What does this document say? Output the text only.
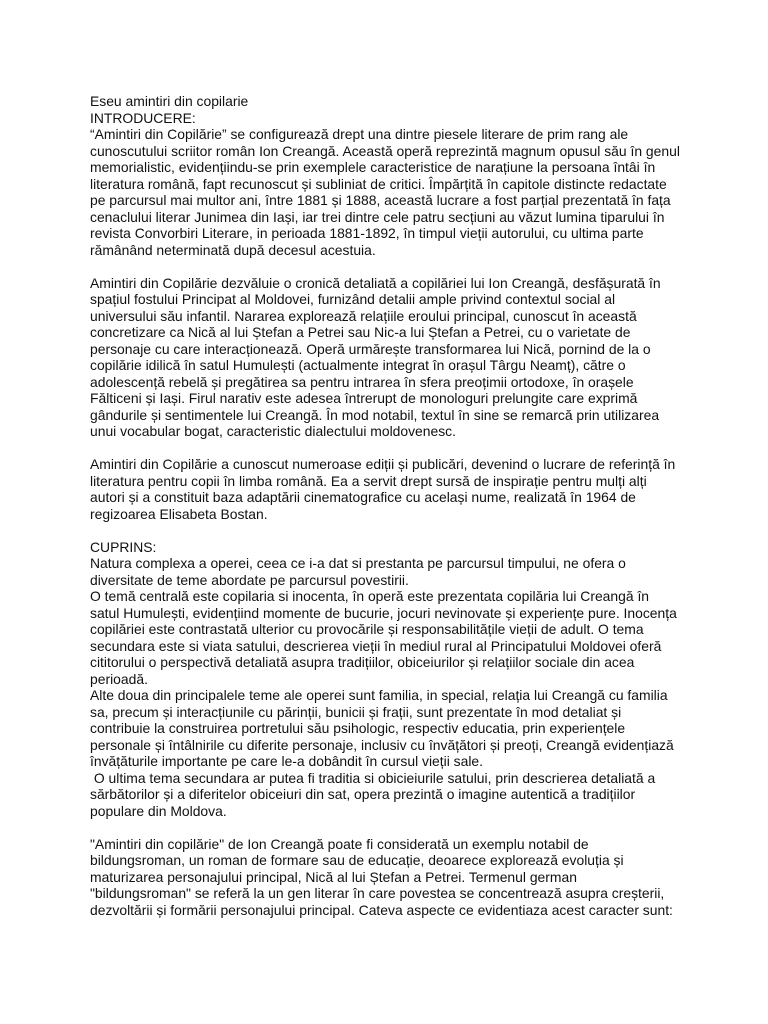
Eseu amintiri din copilarie
INTRODUCERE:
“Amintiri din Copilărie” se configurează drept una dintre piesele literare de prim rang ale
cunoscutului scriitor român Ion Creangă. Această operă reprezintă magnum opusul său în genul
memorialistic, evidențiindu-se prin exemplele caracteristice de narațiune la persoana întâi în
literatura română, fapt recunoscut și subliniat de critici. Împărțită în capitole distincte redactate
pe parcursul mai multor ani, între 1881 și 1888, această lucrare a fost parțial prezentată în fața
cenaclului literar Junimea din Iași, iar trei dintre cele patru secțiuni au văzut lumina tiparului în
revista Convorbiri Literare, in perioada 1881-1892, în timpul vieții autorului, cu ultima parte
rămânând neterminată după decesul acestuia.
Amintiri din Copilărie dezvăluie o cronică detaliată a copilăriei lui Ion Creangă, desfășurată în
spațiul fostului Principat al Moldovei, furnizând detalii ample privind contextul social al
universului său infantil. Nararea explorează relațiile eroului principal, cunoscut în această
concretizare ca Nică al lui Ștefan a Petrei sau Nic-a lui Ștefan a Petrei, cu o varietate de
personaje cu care interacționează. Operă urmărește transformarea lui Nică, pornind de la o
copilărie idilică în satul Humulești (actualmente integrat în orașul Târgu Neamț), către o
adolescență rebelă și pregătirea sa pentru intrarea în sfera preoțimii ortodoxe, în orașele
Fălticeni și Iași. Firul narativ este adesea întrerupt de monologuri prelungite care exprimă
gândurile și sentimentele lui Creangă. În mod notabil, textul în sine se remarcă prin utilizarea
unui vocabular bogat, caracteristic dialectului moldovenesc.
Amintiri din Copilărie a cunoscut numeroase ediții și publicări, devenind o lucrare de referință în
literatura pentru copii în limba română. Ea a servit drept sursă de inspirație pentru mulți alți
autori și a constituit baza adaptării cinematografice cu același nume, realizată în 1964 de
regizoarea Elisabeta Bostan.
CUPRINS:
Natura complexa a operei, ceea ce i-a dat si prestanta pe parcursul timpului, ne ofera o
diversitate de teme abordate pe parcursul povestirii.
O temă centrală este copilaria si inocenta, în operă este prezentata copilăria lui Creangă în
satul Humulești, evidențiind momente de bucurie, jocuri nevinovate și experiențe pure. Inocența
copilăriei este contrastată ulterior cu provocările și responsabilitățile vieții de adult. O tema
secundara este si viata satului, descrierea vieții în mediul rural al Principatului Moldovei oferă
cititorului o perspectivă detaliată asupra tradițiilor, obiceiurilor și relațiilor sociale din acea
perioadă.
Alte doua din principalele teme ale operei sunt familia, in special, relația lui Creangă cu familia
sa, precum și interacțiunile cu părinții, bunicii și frații, sunt prezentate în mod detaliat și
contribuie la construirea portretului său psihologic, respectiv educatia, prin experiențele
personale și întâlnirile cu diferite personaje, inclusiv cu învățători și preoți, Creangă evidențiază
învățăturile importante pe care le-a dobândit în cursul vieții sale.
O ultima tema secundara ar putea fi traditia si obicieiurile satului, prin descrierea detaliată a
sărbătorilor și a diferitelor obiceiuri din sat, opera prezintă o imagine autentică a tradițiilor
populare din Moldova.
"Amintiri din copilărie" de Ion Creangă poate fi considerată un exemplu notabil de
bildungsroman, un roman de formare sau de educație, deoarece explorează evoluția și
maturizarea personajului principal, Nică al lui Ștefan a Petrei. Termenul german
"bildungsroman" se referă la un gen literar în care povestea se concentrează asupra creșterii,
dezvoltării și formării personajului principal. Cateva aspecte ce evidentiaza acest caracter sunt:
